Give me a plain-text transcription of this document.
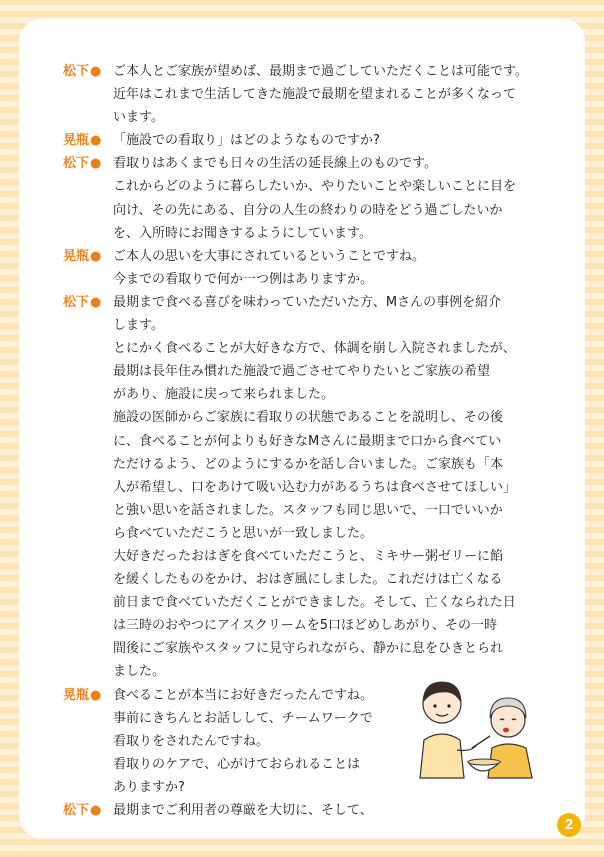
松下● ご本人とご家族が望めば、最期まで過ごしていただくことは可能です。
近年はこれまで生活してきた施設で最期を望まれることが多くなって
います。
晃瓶● 「施設での看取り」はどのようなものですか?
松下● 看取りはあくまでも日々の生活の延長線上のものです。
これからどのように暮らしたいか、やりたいことや楽しいことに目を
向け、その先にある、自分の人生の終わりの時をどう過ごしたいか
を、入所時にお聞きするようにしています。
晃瓶● ご本人の思いを大事にされているということですね。
今までの看取りで何か一つ例はありますか。
松下● 最期まで食べる喜びを味わっていただいた方、Mさんの事例を紹介
します。
とにかく食べることが大好きな方で、体調を崩し入院されましたが、
最期は長年住み慣れた施設で過ごさせてやりたいとご家族の希望
があり、施設に戻って来られました。
施設の医師からご家族に看取りの状態であることを説明し、その後
に、食べることが何よりも好きなMさんに最期まで口から食べてい
ただけるよう、どのようにするかを話し合いました。ご家族も「本
人が希望し、口をあけて吸い込む力があるうちは食べさせてほしい」
と強い思いを話されました。スタッフも同じ思いで、一口でいいか
ら食べていただこうと思いが一致しました。
大好きだったおはぎを食べていただこうと、ミキサー粥ゼリーに餡
を緩くしたものをかけ、おはぎ風にしました。これだけは亡くなる
前日まで食べていただくことができました。そして、亡くなられた日
は三時のおやつにアイスクリームを5口ほどめしあがり、その一時
間後にご家族やスタッフに見守られながら、静かに息をひきとられ
ました。
晃瓶● 食べることが本当にお好きだったんですね。
事前にきちんとお話しして、チームワークで
看取りをされたんですね。
看取りのケアで、心がけておられることは
ありますか?
松下● 最期までご利用者の尊厳を大切に、そして、
2
